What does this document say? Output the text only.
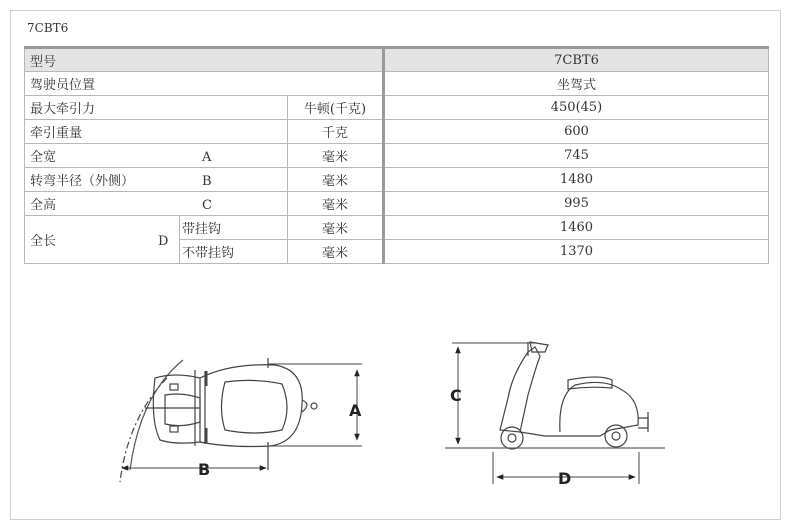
7CBT6
型号			7CBT6
驾驶员位置			坐驾式
最大牵引力		牛顿(千克)	450(45)
牵引重量		千克	600
全宽 A		毫米	745
转弯半径（外侧） B		毫米	1480
全高 C		毫米	995
全长 D	带挂钩	毫米	1460
	不带挂钩	毫米	1370
A
B
C
D
